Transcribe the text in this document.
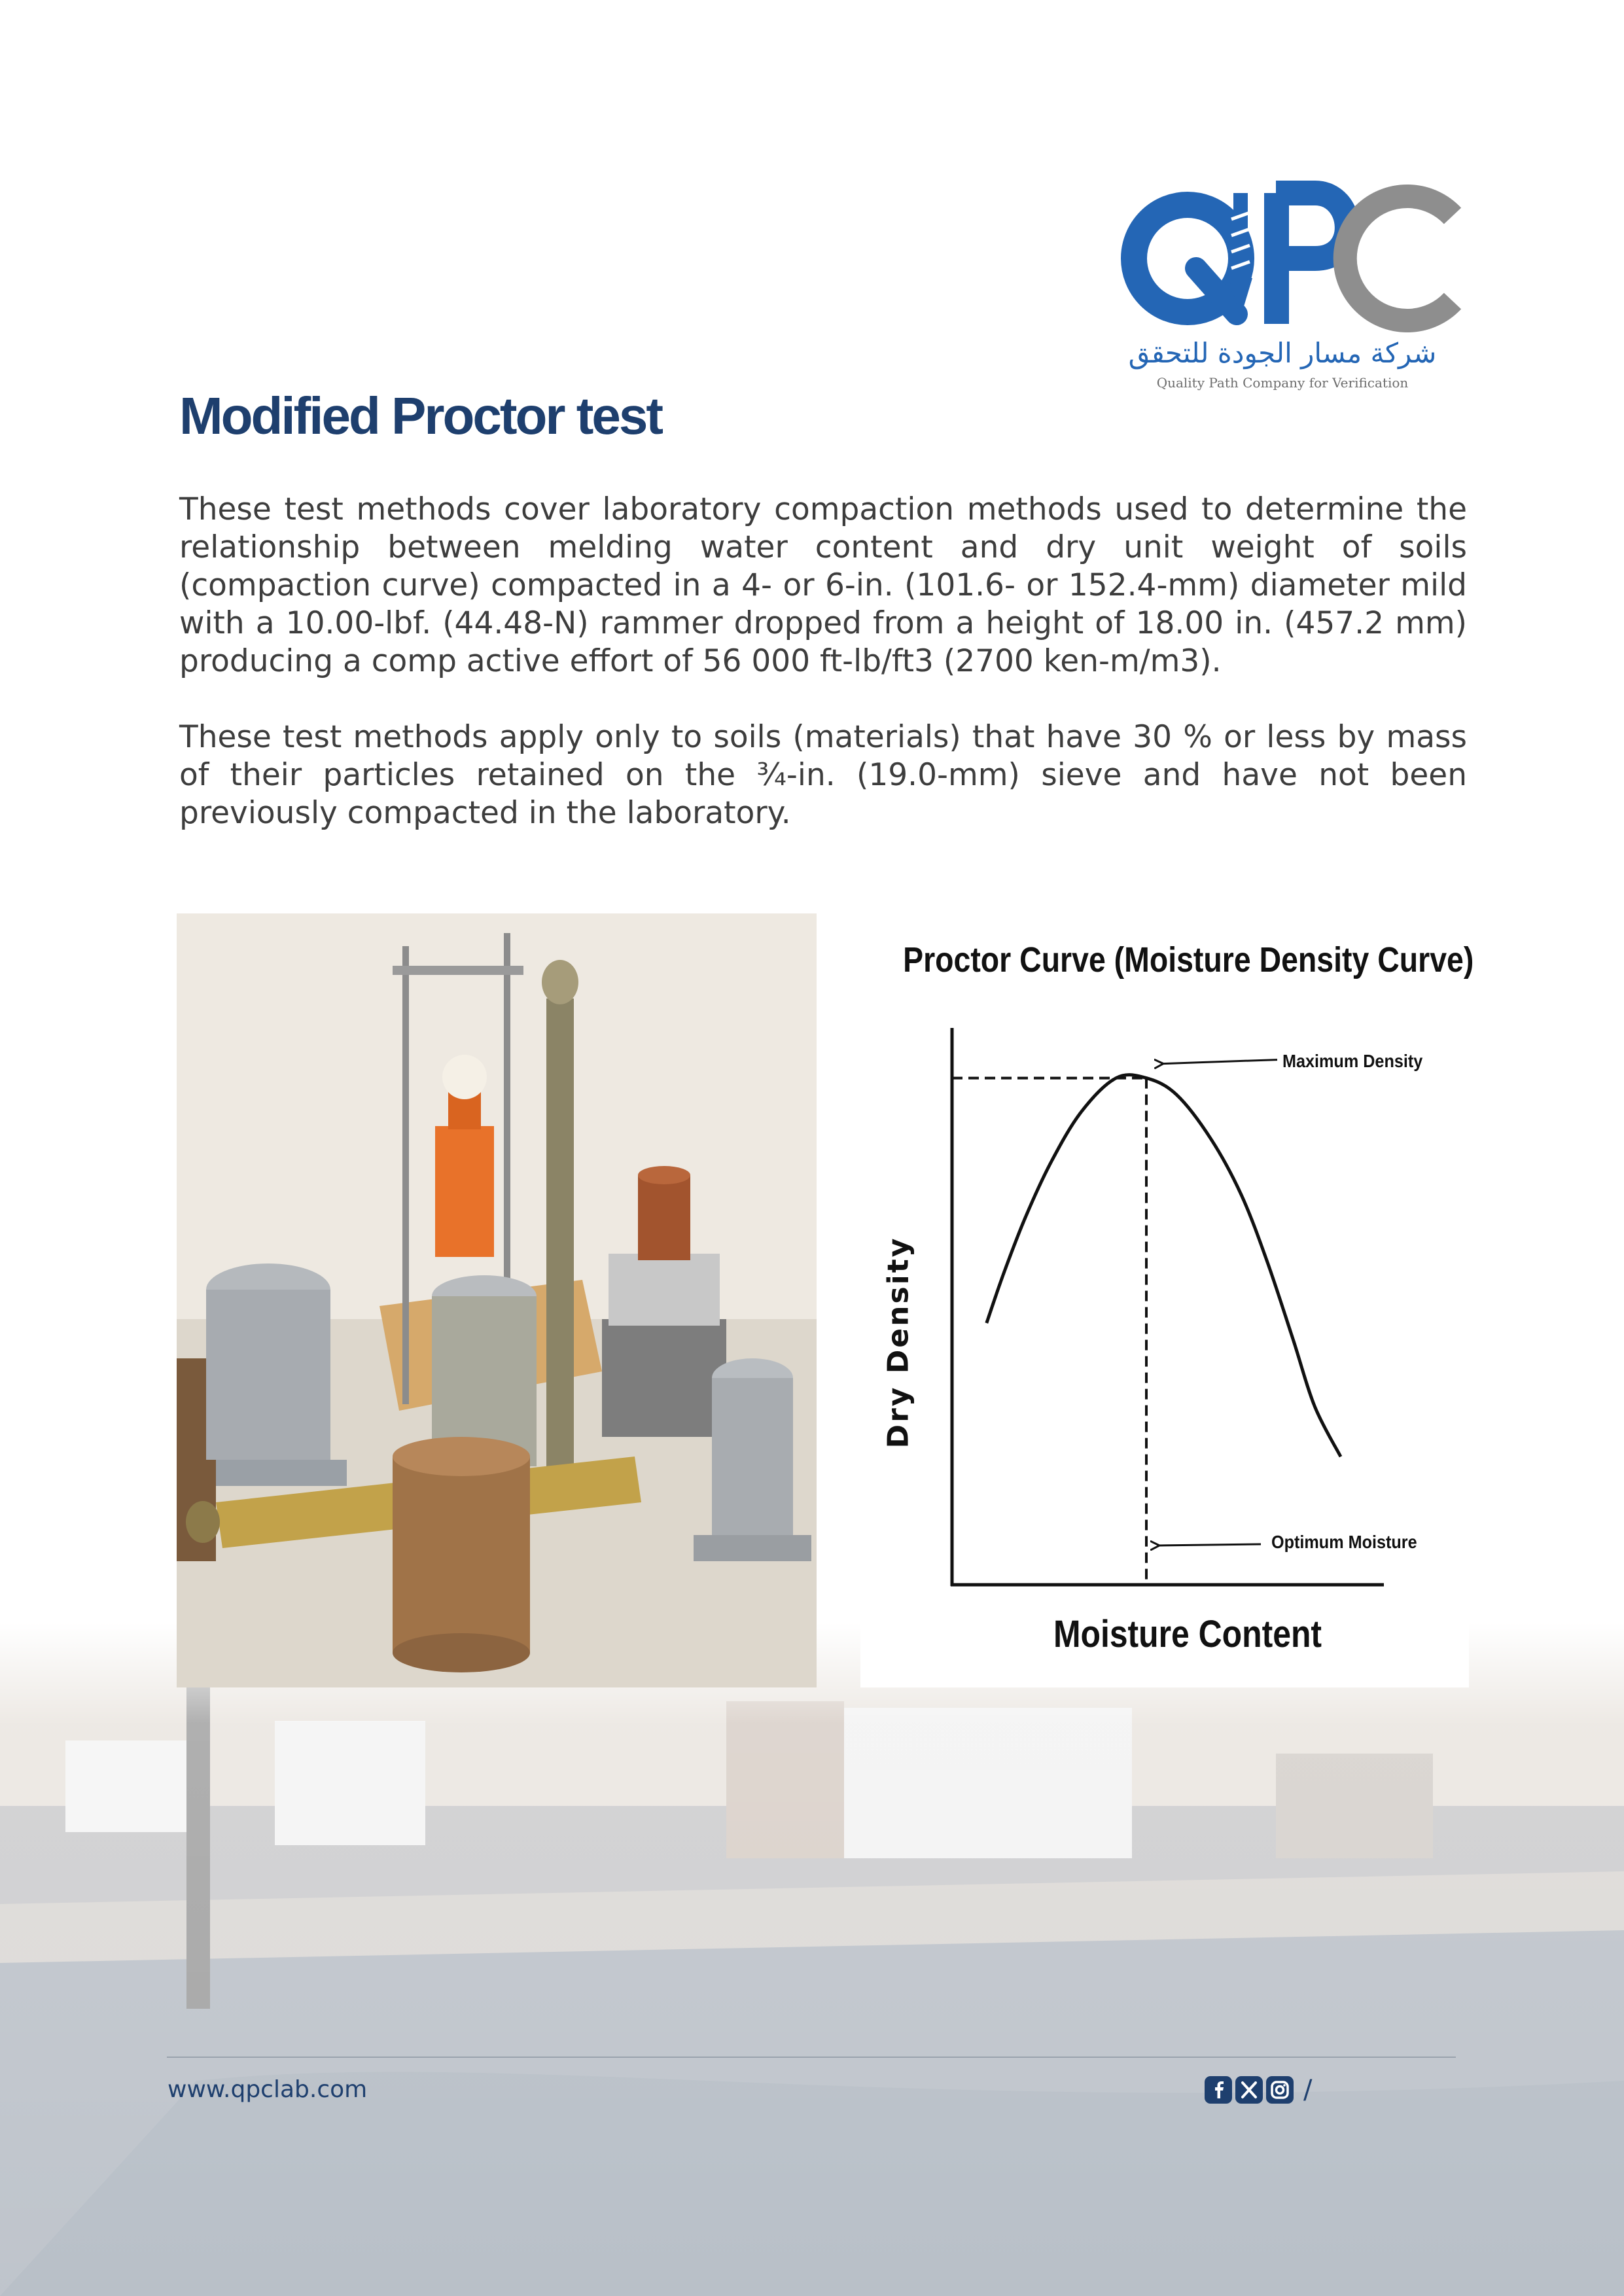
شركة مسار الجودة للتحقق
Quality Path Company for Verification
Modified Proctor test

These test methods cover laboratory compaction methods used to determine the relationship between melding water content and dry unit weight of soils (compaction curve) compacted in a 4- or 6-in. (101.6- or 152.4-mm) diameter mild with a 10.00-lbf. (44.48-N) rammer dropped from a height of 18.00 in. (457.2 mm) producing a comp active effort of 56 000 ft-lb/ft3 (2700 ken-m/m3).

These test methods apply only to soils (materials) that have 30 % or less by mass of their particles retained on the ¾-in. (19.0-mm) sieve and have not been previously compacted in the laboratory.

Proctor Curve (Moisture Density Curve)
Maximum Density
Optimum Moisture
Dry Density
Moisture Content
www.qpclab.com	/
